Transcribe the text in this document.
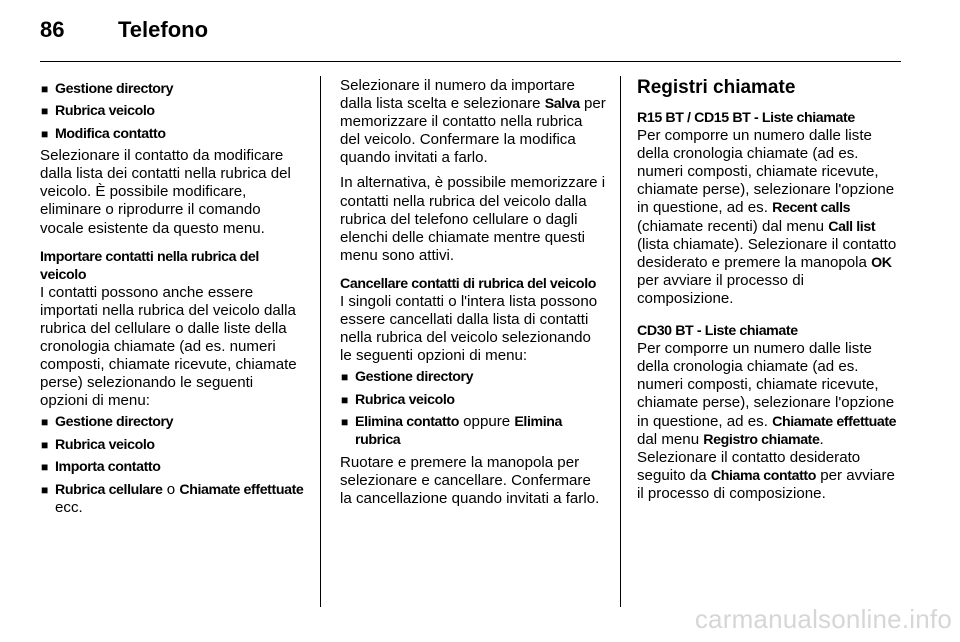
86 Telefono
■ Gestione directory
■ Rubrica veicolo
■ Modifica contatto

Selezionare il contatto da modificare dalla lista dei contatti nella rubrica del veicolo. È possibile modificare, eliminare o riprodurre il comando vocale esistente da questo menu.

Importare contatti nella rubrica del veicolo

I contatti possono anche essere importati nella rubrica del veicolo dalla rubrica del cellulare o dalle liste della cronologia chiamate (ad es. numeri composti, chiamate ricevute, chiamate perse) selezionando le seguenti opzioni di menu:

■ Gestione directory
■ Rubrica veicolo
■ Importa contatto
■ Rubrica cellulare o Chiamate effettuate ecc.

Selezionare il numero da importare dalla lista scelta e selezionare Salva per memorizzare il contatto nella rubrica del veicolo. Confermare la modifica quando invitati a farlo.

In alternativa, è possibile memorizzare i contatti nella rubrica del veicolo dalla rubrica del telefono cellulare o dagli elenchi delle chiamate mentre questi menu sono attivi.

Cancellare contatti di rubrica del veicolo

I singoli contatti o l'intera lista possono essere cancellati dalla lista di contatti nella rubrica del veicolo selezionando le seguenti opzioni di menu:

■ Gestione directory
■ Rubrica veicolo
■ Elimina contatto oppure Elimina rubrica

Ruotare e premere la manopola per selezionare e cancellare. Confermare la cancellazione quando invitati a farlo.

Registri chiamate

R15 BT / CD15 BT - Liste chiamate

Per comporre un numero dalle liste della cronologia chiamate (ad es. numeri composti, chiamate ricevute, chiamate perse), selezionare l'opzione in questione, ad es. Recent calls (chiamate recenti) dal menu Call list (lista chiamate). Selezionare il contatto desiderato e premere la manopola OK per avviare il processo di composizione.

CD30 BT - Liste chiamate

Per comporre un numero dalle liste della cronologia chiamate (ad es. numeri composti, chiamate ricevute, chiamate perse), selezionare l'opzione in questione, ad es. Chiamate effettuate dal menu Registro chiamate. Selezionare il contatto desiderato seguito da Chiama contatto per avviare il processo di composizione.

carmanualsonline.info
